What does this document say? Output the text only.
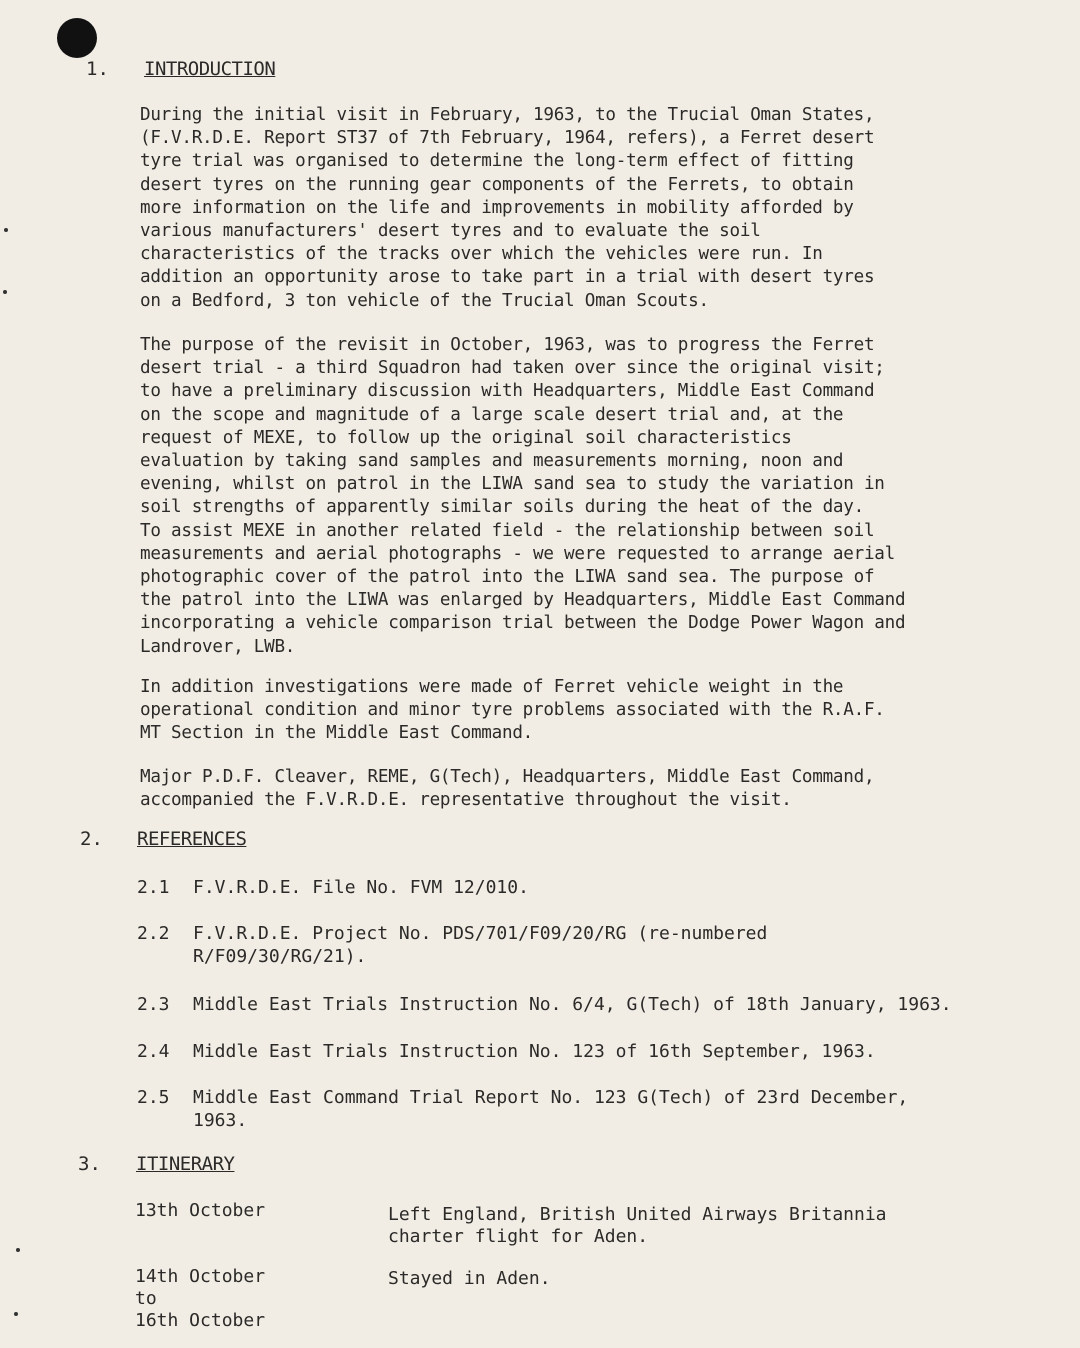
1. INTRODUCTION

During the initial visit in February, 1963, to the Trucial Oman States,
(F.V.R.D.E. Report ST37 of 7th February, 1964, refers), a Ferret desert
tyre trial was organised to determine the long-term effect of fitting
desert tyres on the running gear components of the Ferrets, to obtain
more information on the life and improvements in mobility afforded by
various manufacturers' desert tyres and to evaluate the soil
characteristics of the tracks over which the vehicles were run. In
addition an opportunity arose to take part in a trial with desert tyres
on a Bedford, 3 ton vehicle of the Trucial Oman Scouts.

The purpose of the revisit in October, 1963, was to progress the Ferret
desert trial - a third Squadron had taken over since the original visit;
to have a preliminary discussion with Headquarters, Middle East Command
on the scope and magnitude of a large scale desert trial and, at the
request of MEXE, to follow up the original soil characteristics
evaluation by taking sand samples and measurements morning, noon and
evening, whilst on patrol in the LIWA sand sea to study the variation in
soil strengths of apparently similar soils during the heat of the day.
To assist MEXE in another related field - the relationship between soil
measurements and aerial photographs - we were requested to arrange aerial
photographic cover of the patrol into the LIWA sand sea. The purpose of
the patrol into the LIWA was enlarged by Headquarters, Middle East Command
incorporating a vehicle comparison trial between the Dodge Power Wagon and
Landrover, LWB.

In addition investigations were made of Ferret vehicle weight in the
operational condition and minor tyre problems associated with the R.A.F.
MT Section in the Middle East Command.

Major P.D.F. Cleaver, REME, G(Tech), Headquarters, Middle East Command,
accompanied the F.V.R.D.E. representative throughout the visit.

2. REFERENCES
2.1 F.V.R.D.E. File No. FVM 12/010.
2.2 F.V.R.D.E. Project No. PDS/701/F09/20/RG (re-numbered
R/F09/30/RG/21).
2.3 Middle East Trials Instruction No. 6/4, G(Tech) of 18th January, 1963.
2.4 Middle East Trials Instruction No. 123 of 16th September, 1963.
2.5 Middle East Command Trial Report No. 123 G(Tech) of 23rd December,
1963.
3. ITINERARY
13th October	Left England, British United Airways Britannia
charter flight for Aden.
14th October
to
16th October
Stayed in Aden.
